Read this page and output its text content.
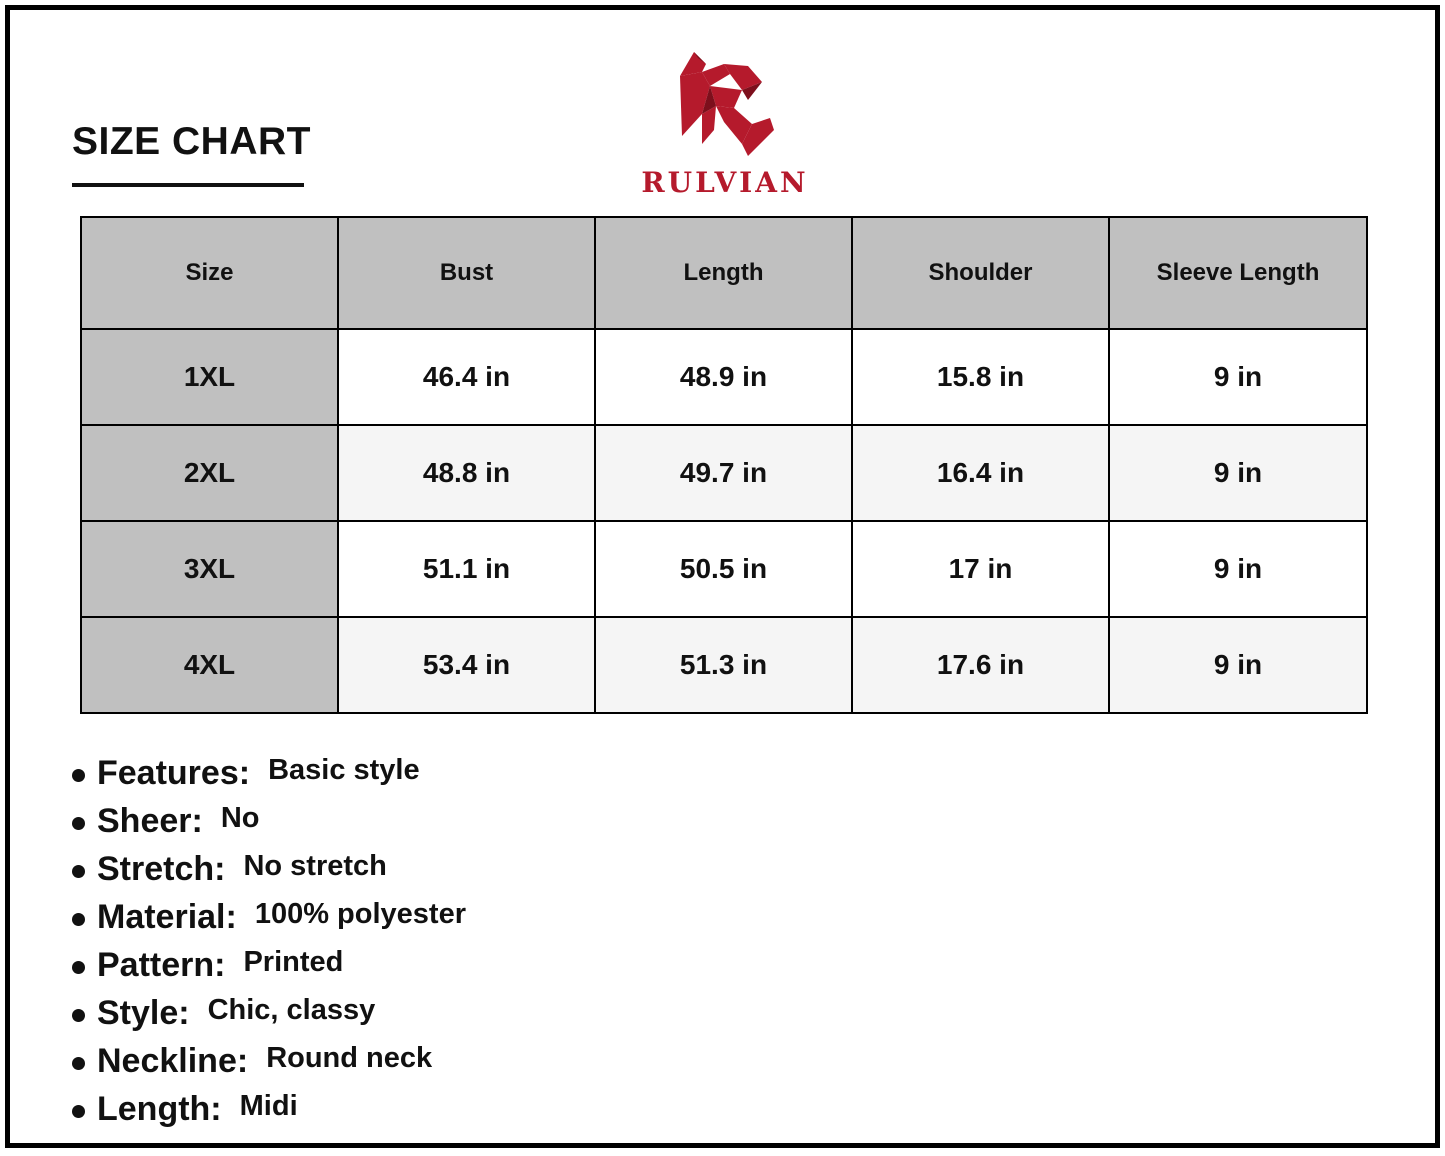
SIZE CHART
RULVIAN
Size	Bust	Length	Shoulder	Sleeve Length
1XL	46.4 in	48.9 in	15.8 in	9 in
2XL	48.8 in	49.7 in	16.4 in	9 in
3XL	51.1 in	50.5 in	17 in	9 in
4XL	53.4 in	51.3 in	17.6 in	9 in
Features: Basic style
Sheer: No
Stretch: No stretch
Material: 100% polyester
Pattern: Printed
Style: Chic, classy
Neckline: Round neck
Length: Midi
